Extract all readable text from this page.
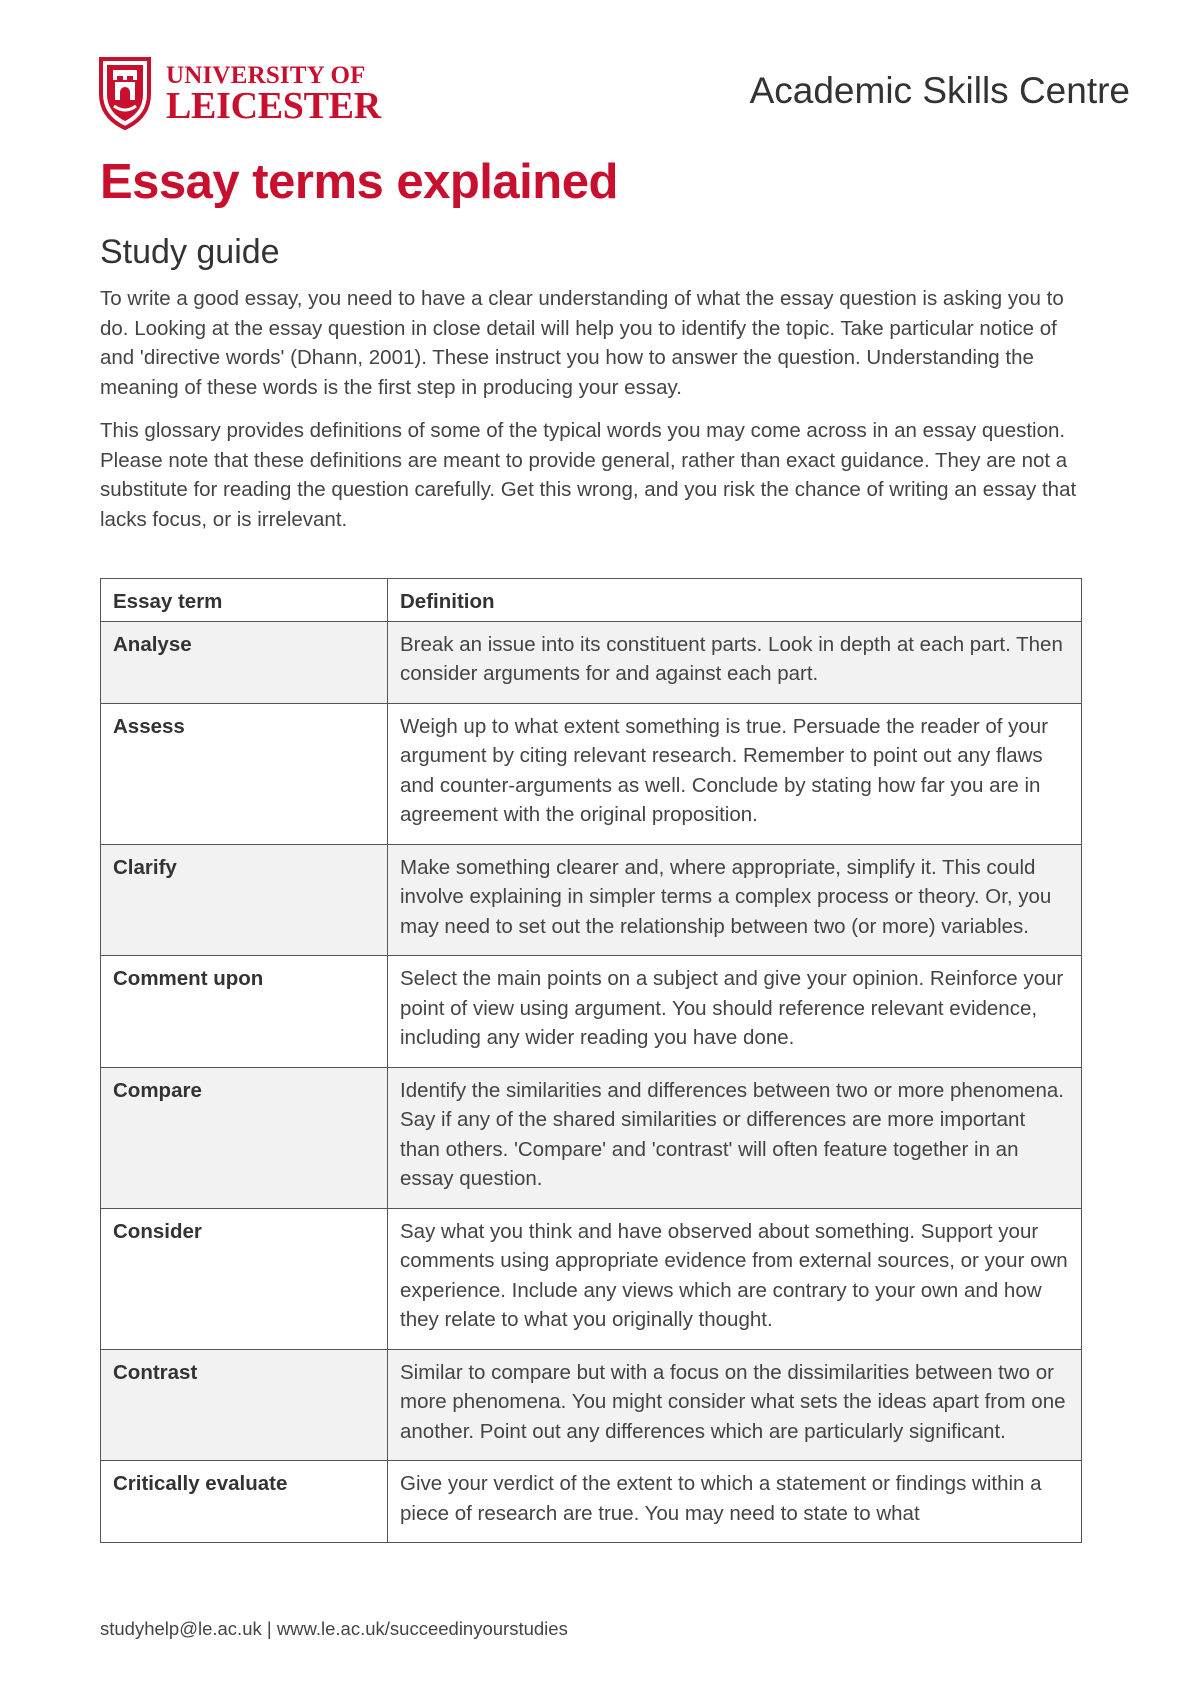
UNIVERSITY OF

LEICESTER	Academic Skills Centre

Essay terms explained
Study guide

To write a good essay, you need to have a clear understanding of what the essay question is asking you to do. Looking at the essay question in close detail will help you to identify the topic. Take particular notice of and 'directive words' (Dhann, 2001). These instruct you how to answer the question. Understanding the meaning of these words is the first step in producing your essay.

This glossary provides definitions of some of the typical words you may come across in an essay question. Please note that these definitions are meant to provide general, rather than exact guidance. They are not a substitute for reading the question carefully. Get this wrong, and you risk the chance of writing an essay that lacks focus, or is irrelevant.

Essay term	Definition
Analyse	Break an issue into its constituent parts. Look in depth at each part. Then consider arguments for and against each part.
Assess	Weigh up to what extent something is true. Persuade the reader of your argument by citing relevant research. Remember to point out any flaws and counter-arguments as well. Conclude by stating how far you are in agreement with the original proposition.
Clarify	Make something clearer and, where appropriate, simplify it. This could involve explaining in simpler terms a complex process or theory. Or, you may need to set out the relationship between two (or more) variables.
Comment upon	Select the main points on a subject and give your opinion. Reinforce your point of view using argument. You should reference relevant evidence, including any wider reading you have done.
Compare	Identify the similarities and differences between two or more phenomena. Say if any of the shared similarities or differences are more important than others. 'Compare' and 'contrast' will often feature together in an essay question.
Consider	Say what you think and have observed about something. Support your comments using appropriate evidence from external sources, or your own experience. Include any views which are contrary to your own and how they relate to what you originally thought.
Contrast	Similar to compare but with a focus on the dissimilarities between two or more phenomena. You might consider what sets the ideas apart from one another. Point out any differences which are particularly significant.
Critically evaluate	Give your verdict of the extent to which a statement or findings within a piece of research are true. You may need to state to what

studyhelp@le.ac.uk | www.le.ac.uk/succeedinyourstudies
